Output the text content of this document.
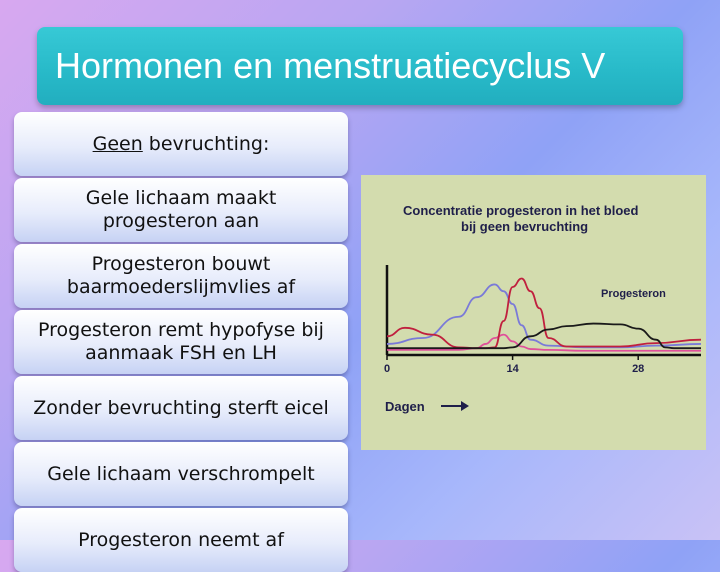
Hormonen en menstruatiecyclus V
Geen bevruchting:
Gele lichaam maakt
progesteron aan
Progesteron bouwt
baarmoederslijmvlies af
Progesteron remt hypofyse bij
aanmaak FSH en LH
Zonder bevruchting sterft eicel
Gele lichaam verschrompelt
Progesteron neemt af
Concentratie progesteron in het bloed
bij geen bevruchting
0	14	28
Progesteron
Dagen
